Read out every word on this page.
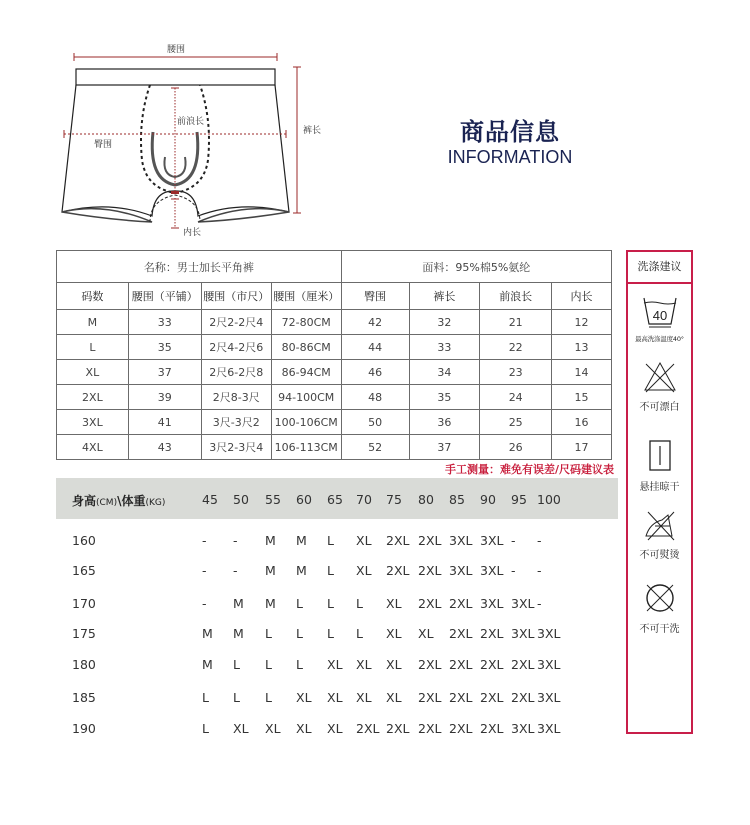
腰围
裤长
臀围
前浪长
内长
商品信息
INFORMATION
名称：男士加长平角裤				面料：95%棉5%氨纶			
码数	腰围（平铺）	腰围（市尺）	腰围（厘米）	臀围	裤长	前浪长	内长
M	33	2尺2-2尺4	72-80CM	42	32	21	12
L	35	2尺4-2尺6	80-86CM	44	33	22	13
XL	37	2尺6-2尺8	86-94CM	46	34	23	14
2XL	39	2尺8-3尺	94-100CM	48	35	24	15
3XL	41	3尺-3尺2	100-106CM	50	36	25	16
4XL	43	3尺2-3尺4	106-113CM	52	37	26	17
手工测量：难免有误差/尺码建议表
身高(CM)\体重(KG)	45 50 55 60 65 70 75 80 85 90 95 100
160	- - M M L XL 2XL 2XL 3XL 3XL - -
165	- - M M L XL 2XL 2XL 3XL 3XL - -
170	- M M L L L XL 2XL 2XL 3XL 3XL -
175	M M L L L L XL XL 2XL 2XL 3XL 3XL
180	M L L L XL XL XL 2XL 2XL 2XL 2XL 3XL
185	L L L XL XL XL XL 2XL 2XL 2XL 2XL 3XL
190	L XL XL XL XL 2XL 2XL 2XL 2XL 2XL 3XL 3XL
洗涤建议
40
最高洗涤温度40°
不可漂白
悬挂晾干
不可熨烫
不可干洗
